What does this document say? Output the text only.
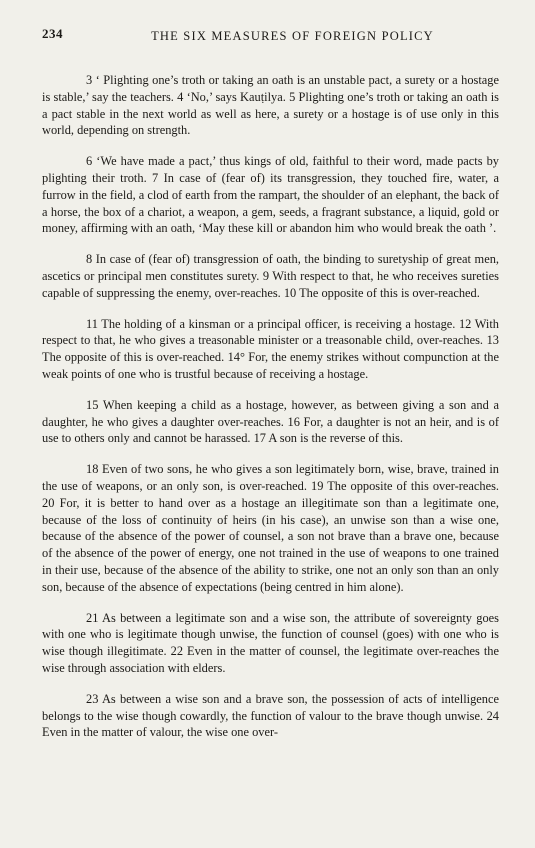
234	THE SIX MEASURES OF FOREIGN POLICY

3 ‘ Plighting one’s troth or taking an oath is an unstable pact, a surety or a hostage is stable,’ say the teachers. 4 ‘No,’ says Kauṭilya. 5 Plighting one’s troth or taking an oath is a pact stable in the next world as well as here, a surety or a hostage is of use only in this world, depending on strength.

6 ‘We have made a pact,’ thus kings of old, faithful to their word, made pacts by plighting their troth. 7 In case of (fear of) its transgression, they touched fire, water, a furrow in the field, a clod of earth from the rampart, the shoulder of an elephant, the back of a horse, the box of a chariot, a weapon, a gem, seeds, a fragrant substance, a liquid, gold or money, affirming with an oath, ‘May these kill or abandon him who would break the oath ’.

8 In case of (fear of) transgression of oath, the binding to suretyship of great men, ascetics or principal men constitutes surety. 9 With respect to that, he who receives sureties capable of suppressing the enemy, over-reaches. 10 The opposite of this is over-reached.

11 The holding of a kinsman or a principal officer, is receiving a hostage. 12 With respect to that, he who gives a treasonable minister or a treasonable child, over-reaches. 13 The opposite of this is over-reached. 14° For, the enemy strikes without compunction at the weak points of one who is trustful because of receiving a hostage.

15 When keeping a child as a hostage, however, as between giving a son and a daughter, he who gives a daughter over-reaches. 16 For, a daughter is not an heir, and is of use to others only and cannot be harassed. 17 A son is the reverse of this.

18 Even of two sons, he who gives a son legitimately born, wise, brave, trained in the use of weapons, or an only son, is over-reached. 19 The opposite of this over-reaches. 20 For, it is better to hand over as a hostage an illegitimate son than a legitimate one, because of the loss of continuity of heirs (in his case), an unwise son than a wise one, because of the absence of the power of counsel, a son not brave than a brave one, because of the absence of the power of energy, one not trained in the use of weapons to one trained in their use, because of the absence of the ability to strike, one not an only son than an only son, because of the absence of expectations (being centred in him alone).

21 As between a legitimate son and a wise son, the attribute of sovereignty goes with one who is legitimate though unwise, the function of counsel (goes) with one who is wise though illegitimate. 22 Even in the matter of counsel, the legitimate over-reaches the wise through association with elders.

23 As between a wise son and a brave son, the possession of acts of intelligence belongs to the wise though cowardly, the function of valour to the brave though unwise. 24 Even in the matter of valour, the wise one over-
